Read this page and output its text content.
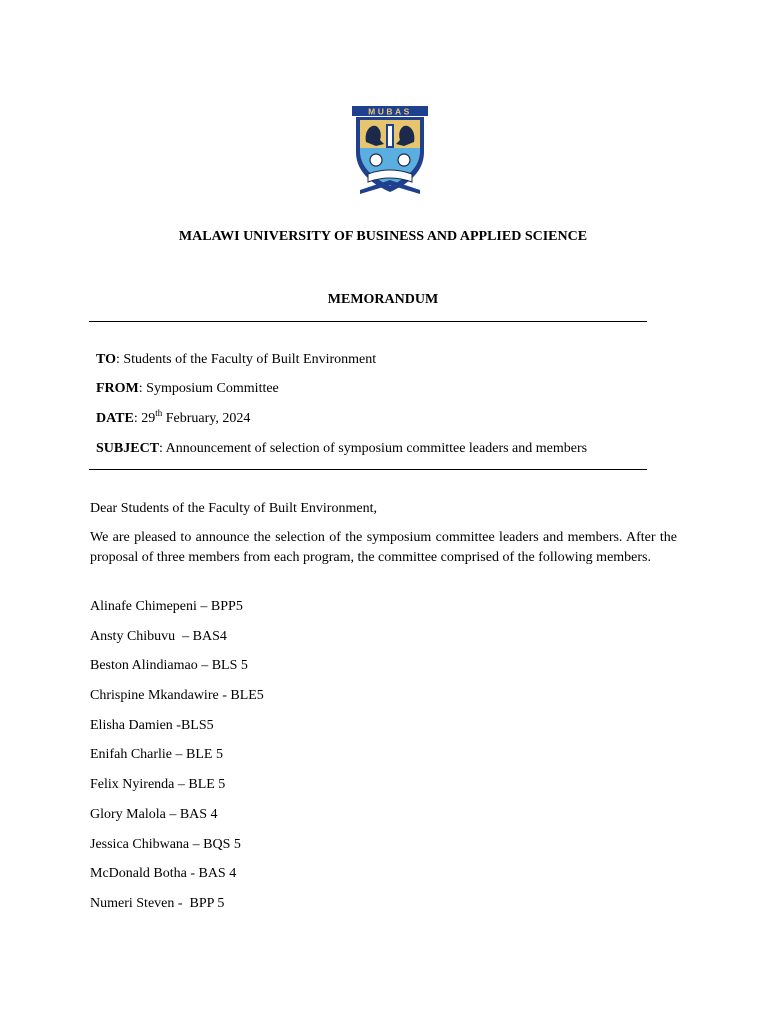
MUBAS
MALAWI UNIVERSITY OF BUSINESS AND APPLIED SCIENCE
MEMORANDUM
TO: Students of the Faculty of Built Environment
FROM: Symposium Committee
DATE: 29th February, 2024
SUBJECT: Announcement of selection of symposium committee leaders and members
Dear Students of the Faculty of Built Environment,
We are pleased to announce the selection of the symposium committee leaders and members. After the proposal of three members from each program, the committee comprised of the following members.
Alinafe Chimepeni – BPP5
Ansty Chibuvu  – BAS4
Beston Alindiamao – BLS 5
Chrispine Mkandawire - BLE5
Elisha Damien -BLS5
Enifah Charlie – BLE 5
Felix Nyirenda – BLE 5
Glory Malola – BAS 4
Jessica Chibwana – BQS 5
McDonald Botha - BAS 4
Numeri Steven -  BPP 5
